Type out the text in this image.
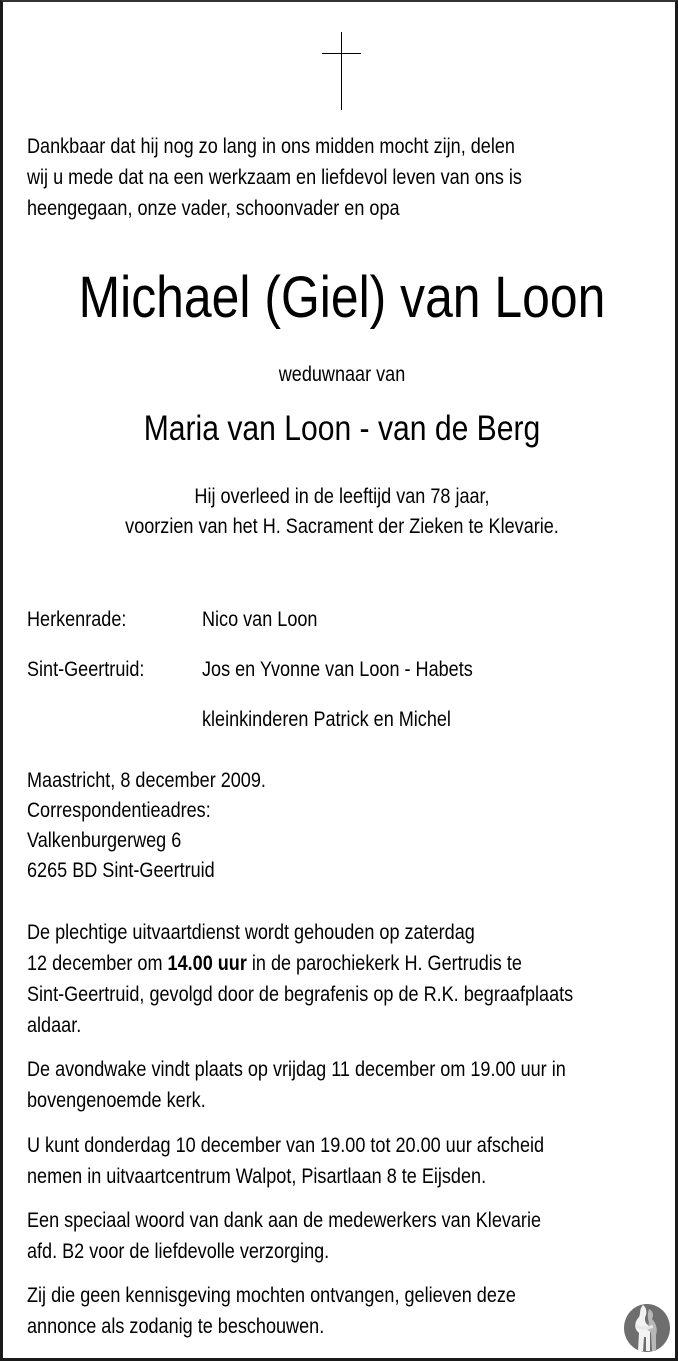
Dankbaar dat hij nog zo lang in ons midden mocht zijn, delen
wij u mede dat na een werkzaam en liefdevol leven van ons is
heengegaan, onze vader, schoonvader en opa
Michael (Giel) van Loon
weduwnaar van
Maria van Loon - van de Berg
Hij overleed in de leeftijd van 78 jaar,
voorzien van het H. Sacrament der Zieken te Klevarie.
Herkenrade:	Nico van Loon
Sint-Geertruid:	Jos en Yvonne van Loon - Habets
kleinkinderen Patrick en Michel
Maastricht, 8 december 2009.
Correspondentieadres:
Valkenburgerweg 6
6265 BD Sint-Geertruid
De plechtige uitvaartdienst wordt gehouden op zaterdag
12 december om 14.00 uur in de parochiekerk H. Gertrudis te
Sint-Geertruid, gevolgd door de begrafenis op de R.K. begraafplaats
aldaar.
De avondwake vindt plaats op vrijdag 11 december om 19.00 uur in
bovengenoemde kerk.
U kunt donderdag 10 december van 19.00 tot 20.00 uur afscheid
nemen in uitvaartcentrum Walpot, Pisartlaan 8 te Eijsden.
Een speciaal woord van dank aan de medewerkers van Klevarie
afd. B2 voor de liefdevolle verzorging.
Zij die geen kennisgeving mochten ontvangen, gelieven deze
annonce als zodanig te beschouwen.
